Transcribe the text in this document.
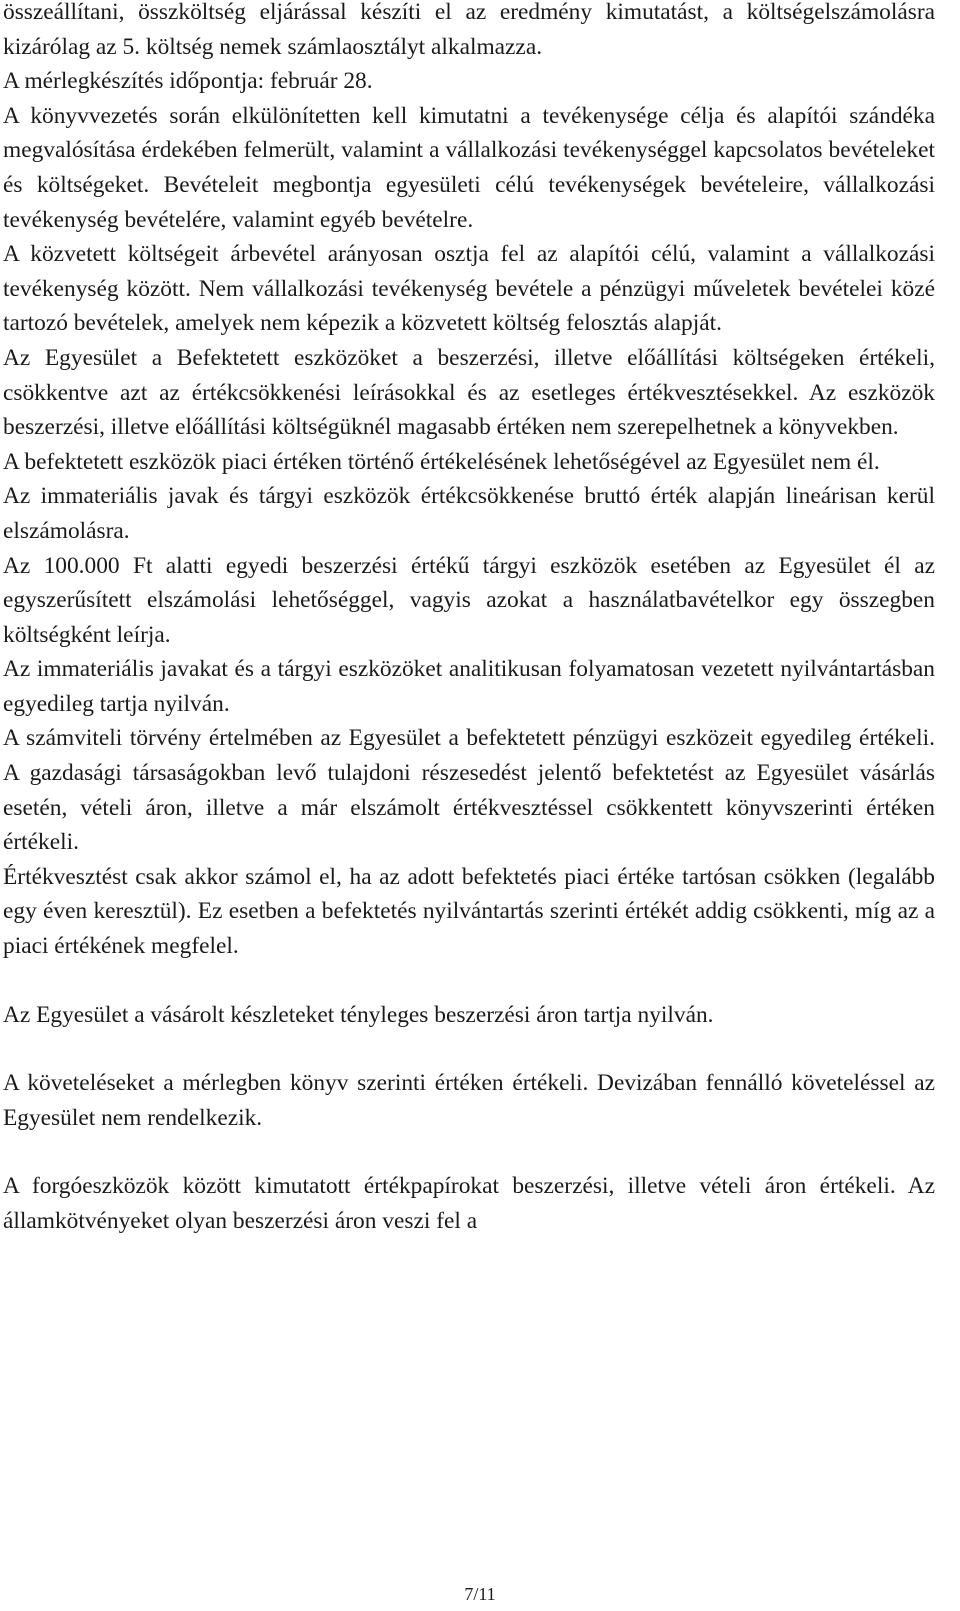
összeállítani, összköltség eljárással készíti el az eredmény kimutatást, a költségelszámolásra kizárólag az 5. költség nemek számlaosztályt alkalmazza.

A mérlegkészítés időpontja: február 28.

A könyvvezetés során elkülönítetten kell kimutatni a tevékenysége célja és alapítói szándéka megvalósítása érdekében felmerült, valamint a vállalkozási tevékenységgel kapcsolatos bevételeket és költségeket. Bevételeit megbontja egyesületi célú tevékenységek bevételeire, vállalkozási tevékenység bevételére, valamint egyéb bevételre.

A közvetett költségeit árbevétel arányosan osztja fel az alapítói célú, valamint a vállalkozási tevékenység között. Nem vállalkozási tevékenység bevétele a pénzügyi műveletek bevételei közé tartozó bevételek, amelyek nem képezik a közvetett költség felosztás alapját.

Az Egyesület a Befektetett eszközöket a beszerzési, illetve előállítási költségeken értékeli, csökkentve azt az értékcsökkenési leírásokkal és az esetleges értékvesztésekkel. Az eszközök beszerzési, illetve előállítási költségüknél magasabb értéken nem szerepelhetnek a könyvekben.

A befektetett eszközök piaci értéken történő értékelésének lehetőségével az Egyesület nem él.

Az immateriális javak és tárgyi eszközök értékcsökkenése bruttó érték alapján lineárisan kerül elszámolásra.

Az 100.000 Ft alatti egyedi beszerzési értékű tárgyi eszközök esetében az Egyesület él az egyszerűsített elszámolási lehetőséggel, vagyis azokat a használatbavételkor egy összegben költségként leírja.

Az immateriális javakat és a tárgyi eszközöket analitikusan folyamatosan vezetett nyilvántartásban egyedileg tartja nyilván.

A számviteli törvény értelmében az Egyesület a befektetett pénzügyi eszközeit egyedileg értékeli. A gazdasági társaságokban levő tulajdoni részesedést jelentő befektetést az Egyesület vásárlás esetén, vételi áron, illetve a már elszámolt értékvesztéssel csökkentett könyvszerinti értéken értékeli.

Értékvesztést csak akkor számol el, ha az adott befektetés piaci értéke tartósan csökken (legalább egy éven keresztül). Ez esetben a befektetés nyilvántartás szerinti értékét addig csökkenti, míg az a piaci értékének megfelel.

Az Egyesület a vásárolt készleteket tényleges beszerzési áron tartja nyilván.

A követeléseket a mérlegben könyv szerinti értéken értékeli. Devizában fennálló követeléssel az Egyesület nem rendelkezik.

A forgóeszközök között kimutatott értékpapírokat beszerzési, illetve vételi áron értékeli. Az államkötvényeket olyan beszerzési áron veszi fel a

7/11
